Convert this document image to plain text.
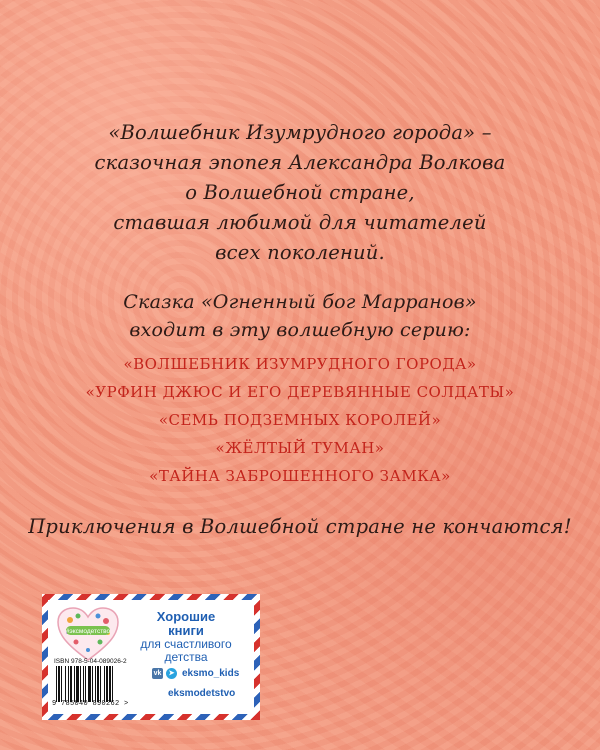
«Волшебник Изумрудного города» –
сказочная эпопея Александра Волкова
о Волшебной стране,
ставшая любимой для читателей
всех поколений.
Сказка «Огненный бог Марранов»
входит в эту волшебную серию:
«ВОЛШЕБНИК ИЗУМРУДНОГО ГОРОДА»
«УРФИН ДЖЮС И ЕГО ДЕРЕВЯННЫЕ СОЛДАТЫ»
«СЕМЬ ПОДЗЕМНЫХ КОРОЛЕЙ»
«ЖЁЛТЫЙ ТУМАН»
«ТАЙНА ЗАБРОШЕННОГО ЗАМКА»
Приключения в Волшебной стране не кончаются!
#эксмодетство
Хорошие
книги
для счастливого
детства
ISBN 978-5-04-089026-2
9 785040 890262 >
vk	➤ eksmo_kids
eksmodetstvo
